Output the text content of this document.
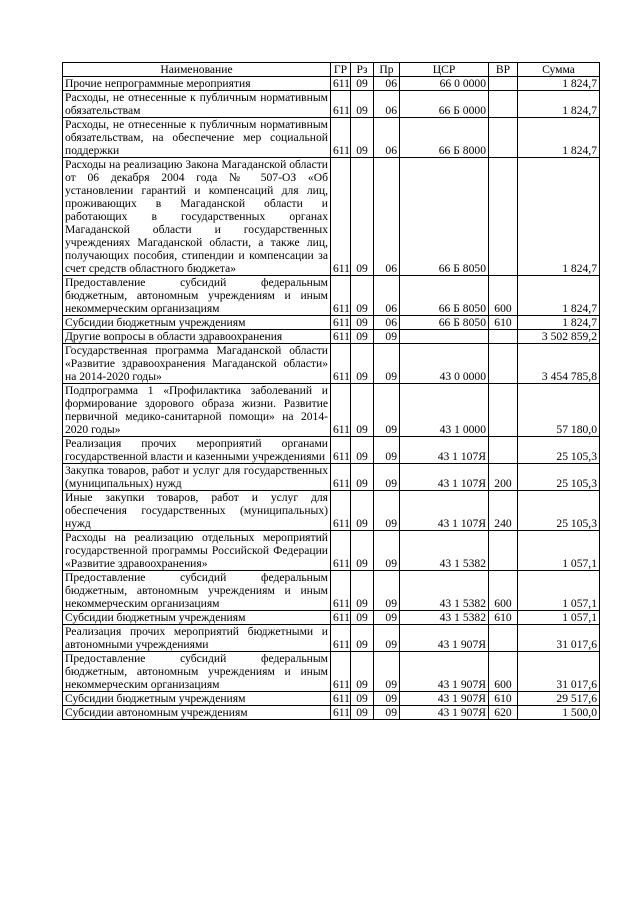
Наименование	ГР	Рз	Пр	ЦСР	ВР	Сумма
Прочие непрограммные мероприятия	611	09	06	66 0 0000		1 824,7
Расходы, не отнесенные к публичным нормативным обязательствам	611	09	06	66 Б 0000		1 824,7
Расходы, не отнесенные к публичным нормативным обязательствам, на обеспечение мер социальной поддержки	611	09	06	66 Б 8000		1 824,7
Расходы на реализацию Закона Магаданской области от 06 декабря 2004 года № 507-ОЗ «Об установлении гарантий и компенсаций для лиц, проживающих в Магаданской области и работающих в государственных органах Магаданской области и государственных учреждениях Магаданской области, а также лиц, получающих пособия, стипендии и компенсации за счет средств областного бюджета»	611	09	06	66 Б 8050		1 824,7
Предоставление субсидий федеральным бюджетным, автономным учреждениям и иным некоммерческим организациям	611	09	06	66 Б 8050	600	1 824,7
Субсидии бюджетным учреждениям	611	09	06	66 Б 8050	610	1 824,7
Другие вопросы в области здравоохранения	611	09	09			3 502 859,2
Государственная программа Магаданской области «Развитие здравоохранения Магаданской области» на 2014-2020 годы»	611	09	09	43 0 0000		3 454 785,8
Подпрограмма 1 «Профилактика заболеваний и формирование здорового образа жизни. Развитие первичной медико-санитарной помощи» на 2014-2020 годы»	611	09	09	43 1 0000		57 180,0
Реализация прочих мероприятий органами государственной власти и казенными учреждениями	611	09	09	43 1 107Я		25 105,3
Закупка товаров, работ и услуг для государственных (муниципальных) нужд	611	09	09	43 1 107Я	200	25 105,3
Иные закупки товаров, работ и услуг для обеспечения государственных (муниципальных) нужд	611	09	09	43 1 107Я	240	25 105,3
Расходы на реализацию отдельных мероприятий государственной программы Российской Федерации «Развитие здравоохранения»	611	09	09	43 1 5382		1 057,1
Предоставление субсидий федеральным бюджетным, автономным учреждениям и иным некоммерческим организациям	611	09	09	43 1 5382	600	1 057,1
Субсидии бюджетным учреждениям	611	09	09	43 1 5382	610	1 057,1
Реализация прочих мероприятий бюджетными и автономными учреждениями	611	09	09	43 1 907Я		31 017,6
Предоставление субсидий федеральным бюджетным, автономным учреждениям и иным некоммерческим организациям	611	09	09	43 1 907Я	600	31 017,6
Субсидии бюджетным учреждениям	611	09	09	43 1 907Я	610	29 517,6
Субсидии автономным учреждениям	611	09	09	43 1 907Я	620	1 500,0
